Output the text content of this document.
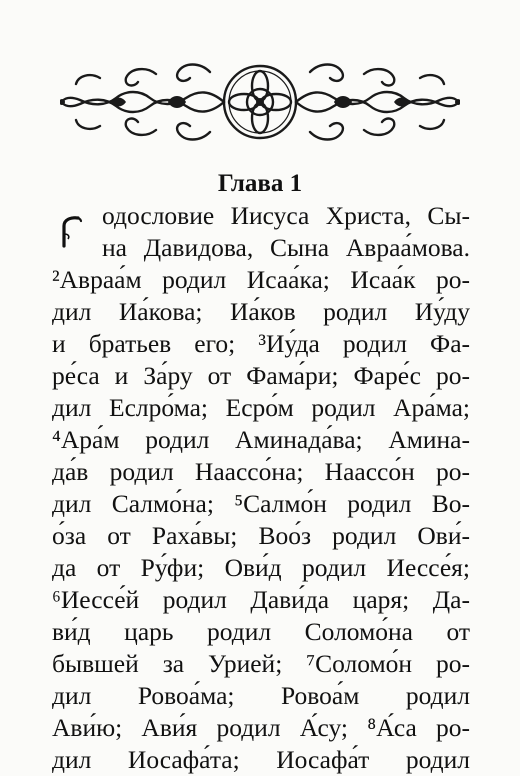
Глава 1
одословие Иисуса Христа, Сы-
на Давидова, Сына Авраа́мова.
²Авраа́м родил Исаа́ка; Исаа́к ро-
дил Иа́кова; Иа́ков родил Иу́ду
и братьев его; ³Иу́да родил Фа-
ре́са и За́ру от Фама́ри; Фаре́с ро-
дил Еслро́ма; Есро́м родил Ара́ма;
⁴Ара́м родил Аминада́ва; Амина-
да́в родил Наассо́на; Наассо́н ро-
дил Салмо́на; ⁵Салмо́н родил Во-
о́за от Раха́вы; Воо́з родил Ови́-
да от Ру́фи; Ови́д родил Иессе́я;
⁶Иессе́й родил Дави́да царя; Да-
ви́д царь родил Соломо́на от
бывшей за Урией; ⁷Соломо́н ро-
дил Ровоа́ма; Ровоа́м родил
Ави́ю; Ави́я родил А́су; ⁸А́са ро-
дил Иосафа́та; Иосафа́т родил
